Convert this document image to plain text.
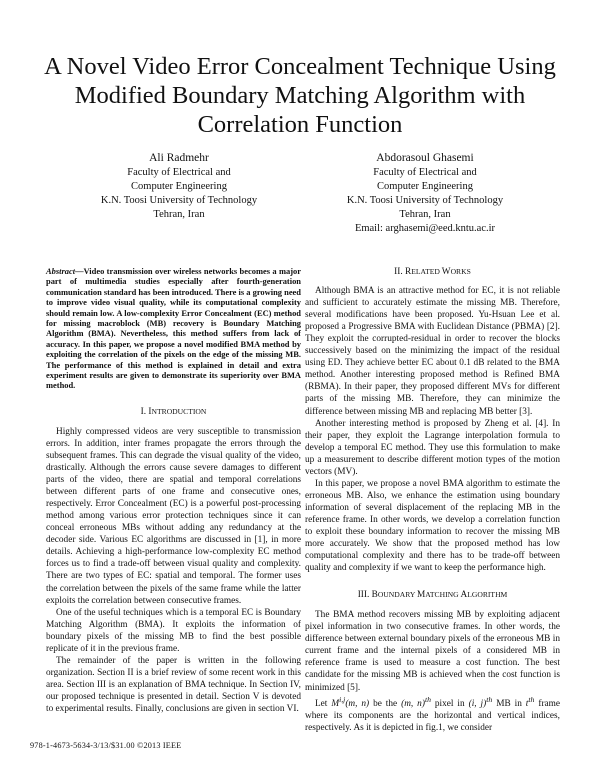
A Novel Video Error Concealment Technique Using Modified Boundary Matching Algorithm with Correlation Function
Ali Radmehr
Faculty of Electrical and
Computer Engineering
K.N. Toosi University of Technology
Tehran, Iran
Abdorasoul Ghasemi
Faculty of Electrical and
Computer Engineering
K.N. Toosi University of Technology
Tehran, Iran
Email: arghasemi@eed.kntu.ac.ir
Abstract—Video transmission over wireless networks becomes a major part of multimedia studies especially after fourth-generation communication standard has been introduced. There is a growing need to improve video visual quality, while its computational complexity should remain low. A low-complexity Error Concealment (EC) method for missing macroblock (MB) recovery is Boundary Matching Algorithm (BMA). Nevertheless, this method suffers from lack of accuracy. In this paper, we propose a novel modified BMA method by exploiting the correlation of the pixels on the edge of the missing MB. The performance of this method is explained in detail and extra experiment results are given to demonstrate its superiority over BMA method.
I. INTRODUCTION
Highly compressed videos are very susceptible to transmission errors. In addition, inter frames propagate the errors through the subsequent frames. This can degrade the visual quality of the video, drastically. Although the errors cause severe damages to different parts of the video, there are spatial and temporal correlations between different parts of one frame and consecutive ones, respectively. Error Concealment (EC) is a powerful post-processing method among various error protection techniques since it can conceal erroneous MBs without adding any redundancy at the decoder side. Various EC algorithms are discussed in [1], in more details. Achieving a high-performance low-complexity EC method forces us to find a trade-off between visual quality and complexity. There are two types of EC: spatial and temporal. The former uses the correlation between the pixels of the same frame while the latter exploits the correlation between consecutive frames.
One of the useful techniques which is a temporal EC is Boundary Matching Algorithm (BMA). It exploits the information of boundary pixels of the missing MB to find the best possible replicate of it in the previous frame.
The remainder of the paper is written in the following organization. Section II is a brief review of some recent work in this area. Section III is an explanation of BMA technique. In Section IV, our proposed technique is presented in detail. Section V is devoted to experimental results. Finally, conclusions are given in section VI.
II. RELATED WORKS
Although BMA is an attractive method for EC, it is not reliable and sufficient to accurately estimate the missing MB. Therefore, several modifications have been proposed. Yu-Hsuan Lee et al. proposed a Progressive BMA with Euclidean Distance (PBMA) [2]. They exploit the corrupted-residual in order to recover the blocks successively based on the minimizing the impact of the residual using ED. They achieve better EC about 0.1 dB related to the BMA method. Another interesting proposed method is Refined BMA (RBMA). In their paper, they proposed different MVs for different parts of the missing MB. Therefore, they can minimize the difference between missing MB and replacing MB better [3].
Another interesting method is proposed by Zheng et al. [4]. In their paper, they exploit the Lagrange interpolation formula to develop a temporal EC method. They use this formulation to make up a measurement to describe different motion types of the motion vectors (MV).
In this paper, we propose a novel BMA algorithm to estimate the erroneous MB. Also, we enhance the estimation using boundary information of several displacement of the replacing MB in the reference frame. In other words, we develop a correlation function to exploit these boundary information to recover the missing MB more accurately. We show that the proposed method has low computational complexity and there has to be trade-off between quality and complexity if we want to keep the performance high.
III. BOUNDARY MATCHING ALGORITHM
The BMA method recovers missing MB by exploiting adjacent pixel information in two consecutive frames. In other words, the difference between external boundary pixels of the erroneous MB in current frame and the internal pixels of a considered MB in reference frame is used to measure a cost function. The best candidate for the missing MB is achieved when the cost function is minimized [5].
Let M$^{i,j}$(m, n) be the (m, n)$^{th}$ pixel in (i, j)$^{th}$ MB in $t^{th}$ frame where its components are the horizontal and vertical indices, respectively. As it is depicted in fig.1, we consider
978-1-4673-5634-3/13/$31.00 ©2013 IEEE
